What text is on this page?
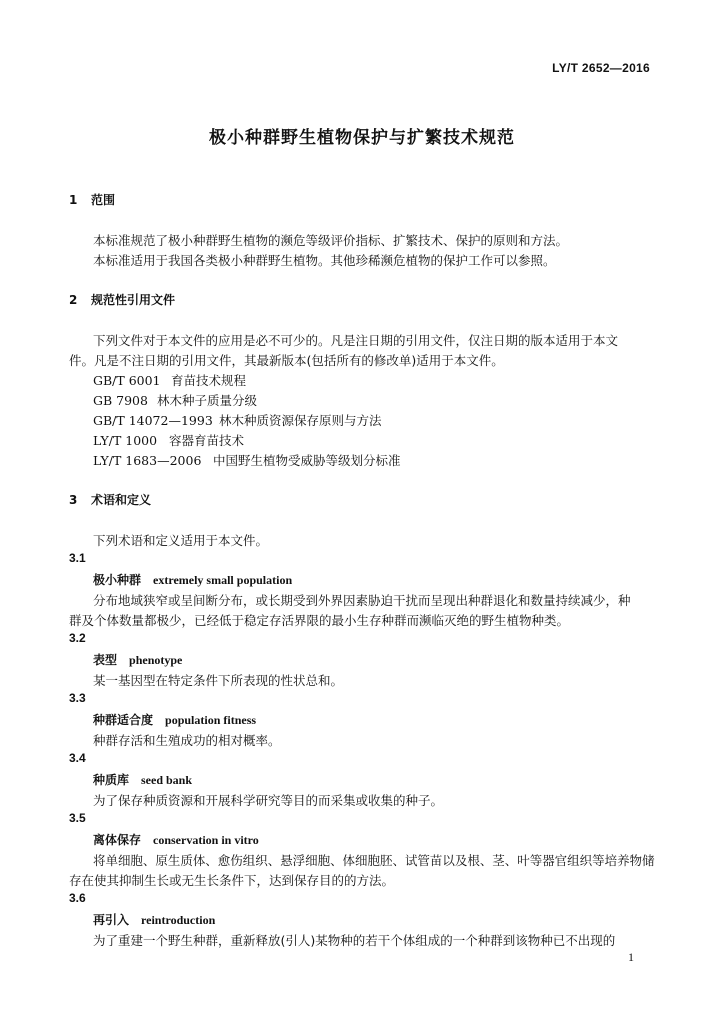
LY/T 2652—2016
极小种群野生植物保护与扩繁技术规范
1 范围
本标准规范了极小种群野生植物的濒危等级评价指标、扩繁技术、保护的原则和方法。
本标准适用于我国各类极小种群野生植物。其他珍稀濒危植物的保护工作可以参照。
2 规范性引用文件
下列文件对于本文件的应用是必不可少的。凡是注日期的引用文件，仅注日期的版本适用于本文
件。凡是不注日期的引用文件，其最新版本(包括所有的修改单)适用于本文件。
GB/T 6001 育苗技术规程
GB 7908 林木种子质量分级
GB/T 14072—1993 林木种质资源保存原则与方法
LY/T 1000 容器育苗技术
LY/T 1683—2006 中国野生植物受威胁等级划分标准
3 术语和定义
下列术语和定义适用于本文件。
3.1
极小种群 extremely small population
分布地域狭窄或呈间断分布，或长期受到外界因素胁迫干扰而呈现出种群退化和数量持续减少，种
群及个体数量都极少，已经低于稳定存活界限的最小生存种群而濒临灭绝的野生植物种类。
3.2
表型 phenotype
某一基因型在特定条件下所表现的性状总和。
3.3
种群适合度 population fitness
种群存活和生殖成功的相对概率。
3.4
种质库 seed bank
为了保存种质资源和开展科学研究等目的而采集或收集的种子。
3.5
离体保存 conservation in vitro
将单细胞、原生质体、愈伤组织、悬浮细胞、体细胞胚、试管苗以及根、茎、叶等器官组织等培养物储
存在使其抑制生长或无生长条件下，达到保存目的的方法。
3.6
再引入 reintroduction
为了重建一个野生种群，重新释放(引人)某物种的若干个体组成的一个种群到该物种已不出现的
1
